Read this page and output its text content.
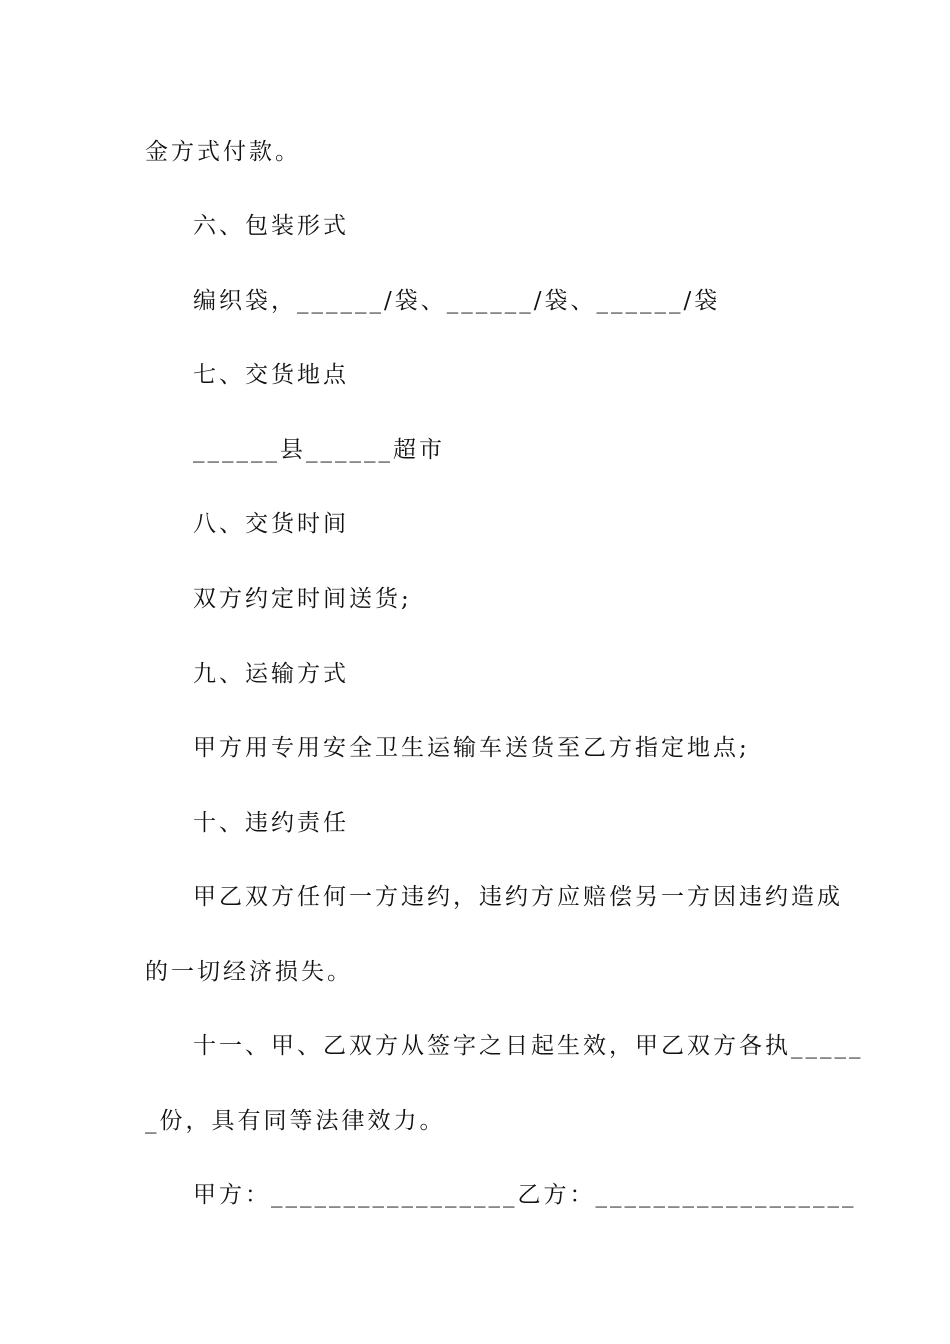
金方式付款。
六、包装形式
编织袋，______/袋、______/袋、______/袋
七、交货地点
______县______超市
八、交货时间
双方约定时间送货;
九、运输方式
甲方用专用安全卫生运输车送货至乙方指定地点;
十、违约责任
甲乙双方任何一方违约，违约方应赔偿另一方因违约造成
的一切经济损失。
十一、甲、乙双方从签字之日起生效，甲乙双方各执_____
_份，具有同等法律效力。
甲方：_________________乙方：__________________
